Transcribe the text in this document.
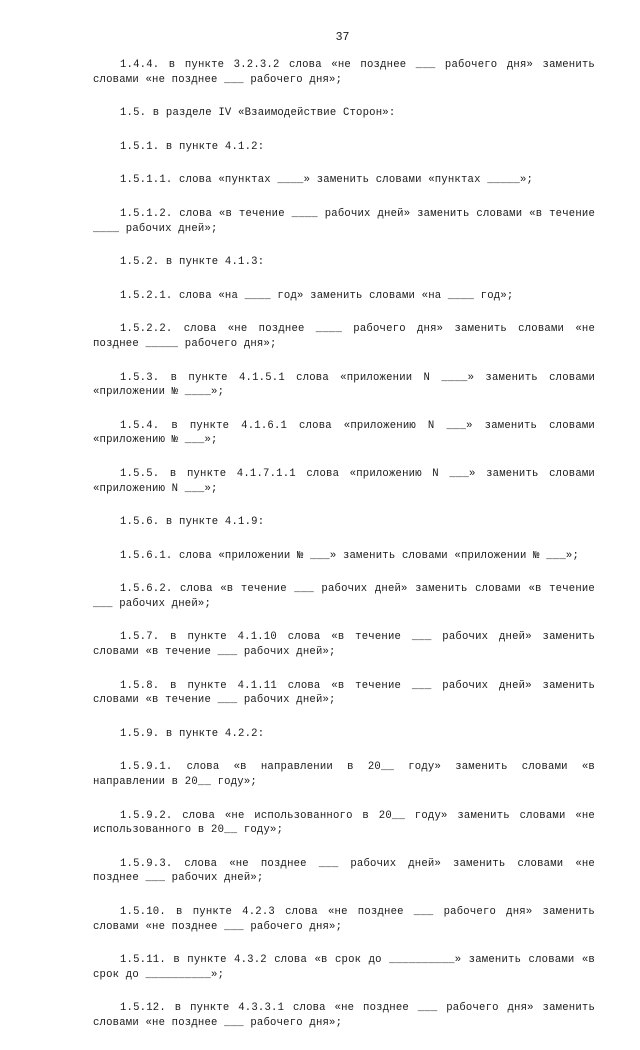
37

1.4.4. в пункте 3.2.3.2 слова «не позднее ___ рабочего дня» заменить словами «не позднее ___ рабочего дня»;

1.5. в разделе IV «Взаимодействие Сторон»:

1.5.1. в пункте 4.1.2:

1.5.1.1. слова «пунктах ____» заменить словами «пунктах _____»;

1.5.1.2. слова «в течение ____ рабочих дней» заменить словами «в течение ____ рабочих дней»;

1.5.2. в пункте 4.1.3:

1.5.2.1. слова «на ____ год» заменить словами «на ____ год»;

1.5.2.2. слова «не позднее ____ рабочего дня» заменить словами «не позднее _____ рабочего дня»;

1.5.3. в пункте 4.1.5.1 слова «приложении N ____» заменить словами «приложении № ____»;

1.5.4. в пункте 4.1.6.1 слова «приложению N ___» заменить словами «приложению № ___»;

1.5.5. в пункте 4.1.7.1.1 слова «приложению N ___» заменить словами «приложению N ___»;

1.5.6. в пункте 4.1.9:

1.5.6.1. слова «приложении № ___» заменить словами «приложении № ___»;

1.5.6.2. слова «в течение ___ рабочих дней» заменить словами «в течение ___ рабочих дней»;

1.5.7. в пункте 4.1.10 слова «в течение ___ рабочих дней» заменить словами «в течение ___ рабочих дней»;

1.5.8. в пункте 4.1.11 слова «в течение ___ рабочих дней» заменить словами «в течение ___ рабочих дней»;

1.5.9. в пункте 4.2.2:

1.5.9.1. слова «в направлении в 20__ году» заменить словами «в направлении в 20__ году»;

1.5.9.2. слова «не использованного в 20__ году» заменить словами «не использованного в 20__ году»;

1.5.9.3. слова «не позднее ___ рабочих дней» заменить словами «не позднее ___ рабочих дней»;

1.5.10. в пункте 4.2.3 слова «не позднее ___ рабочего дня» заменить словами «не позднее ___ рабочего дня»;

1.5.11. в пункте 4.3.2 слова «в срок до __________» заменить словами «в срок до __________»;

1.5.12. в пункте 4.3.3.1 слова «не позднее ___ рабочего дня» заменить словами «не позднее ___ рабочего дня»;
